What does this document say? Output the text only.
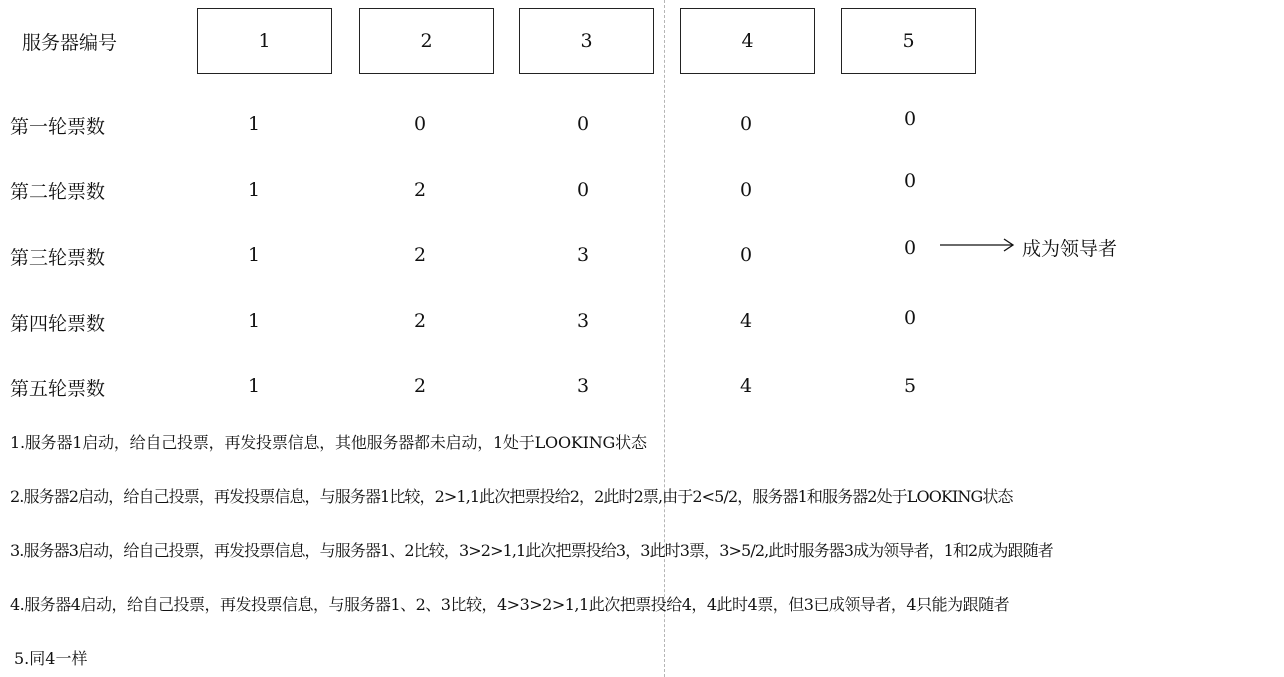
服务器编号	1	2	3	4	5
第一轮票数	1	0	0	0	0
第二轮票数	1	2	0	0	0
第三轮票数	1	2	3	0	0	成为领导者
第四轮票数	1	2	3	4	0
第五轮票数	1	2	3	4	5
1.服务器1启动，给自己投票，再发投票信息，其他服务器都未启动，1处于LOOKING状态
2.服务器2启动，给自己投票，再发投票信息，与服务器1比较，2>1,1此次把票投给2，2此时2票,由于2<5/2，服务器1和服务器2处于LOOKING状态
3.服务器3启动，给自己投票，再发投票信息，与服务器1、2比较，3>2>1,1此次把票投给3，3此时3票，3>5/2,此时服务器3成为领导者，1和2成为跟随者
4.服务器4启动，给自己投票，再发投票信息，与服务器1、2、3比较，4>3>2>1,1此次把票投给4，4此时4票，但3已成领导者，4只能为跟随者
5.同4一样
